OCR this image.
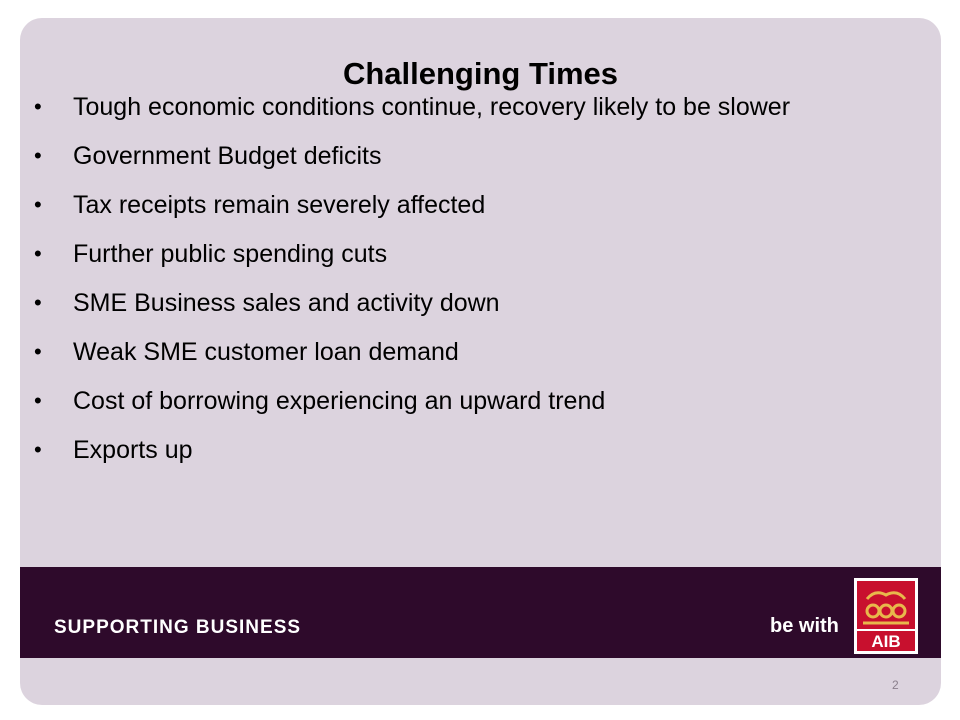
Challenging Times
• Tough economic conditions continue, recovery likely to be slower
• Government Budget deficits
• Tax receipts remain severely affected
• Further public spending cuts
• SME Business sales and activity down
• Weak SME customer loan demand
• Cost of borrowing experiencing an upward trend
• Exports up
SUPPORTING BUSINESS	be with
AIB
2
